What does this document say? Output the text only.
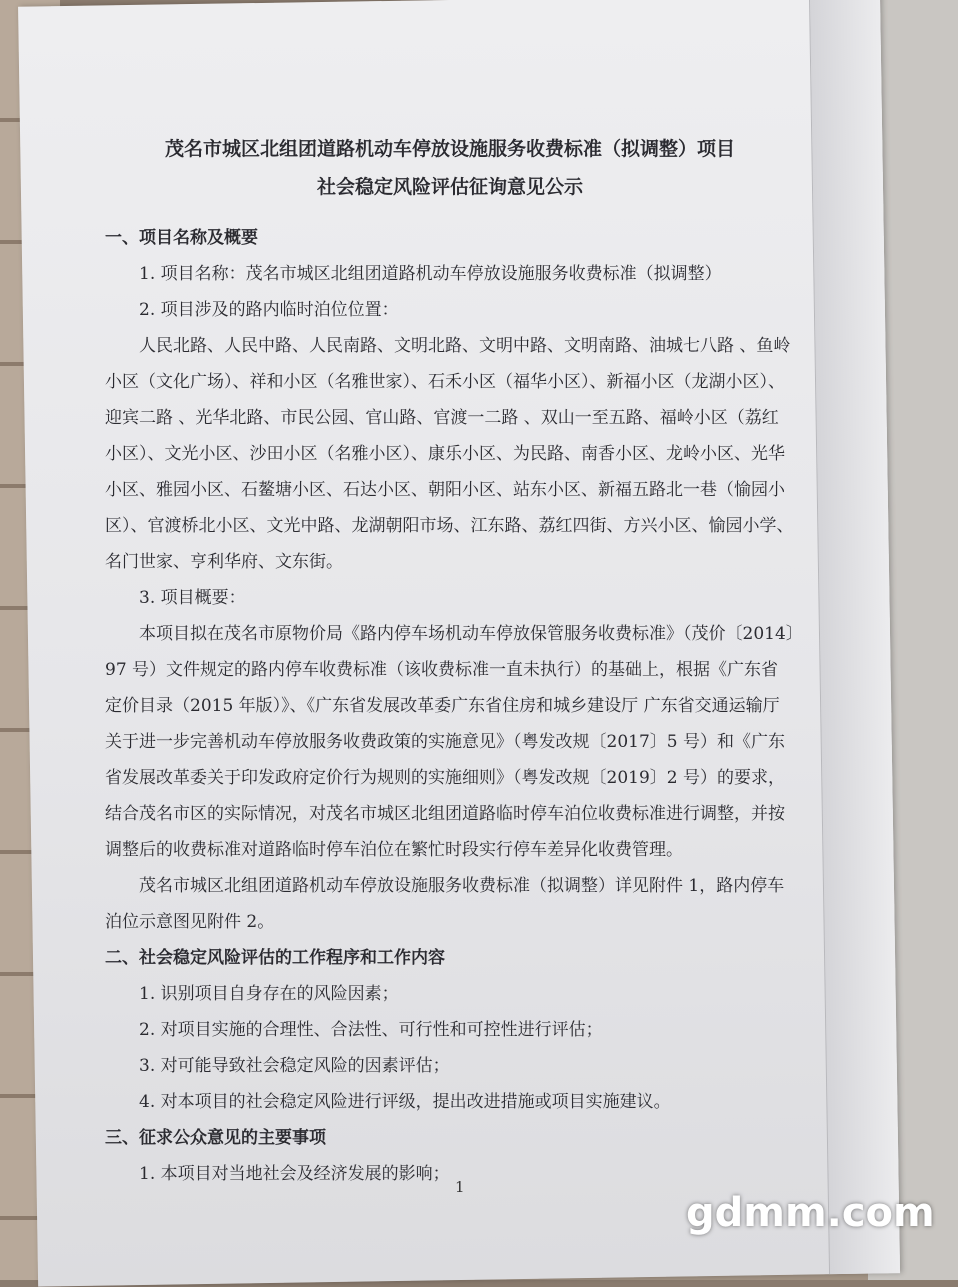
茂名市城区北组团道路机动车停放设施服务收费标准（拟调整）项目

社会稳定风险评估征询意见公示

一、项目名称及概要

1. 项目名称：茂名市城区北组团道路机动车停放设施服务收费标准（拟调整）

2. 项目涉及的路内临时泊位位置：

人民北路、人民中路、人民南路、文明北路、文明中路、文明南路、油城七八路 、鱼岭小区（文化广场）、祥和小区（名雅世家）、石禾小区（福华小区）、新福小区（龙湖小区）、迎宾二路 、光华北路、市民公园、官山路、官渡一二路 、双山一至五路、福岭小区（荔红小区）、文光小区、沙田小区（名雅小区）、康乐小区、为民路、南香小区、龙岭小区、光华小区、雅园小区、石鳌塘小区、石达小区、朝阳小区、站东小区、新福五路北一巷（愉园小区）、官渡桥北小区、文光中路、龙湖朝阳市场、江东路、荔红四街、方兴小区、愉园小学、名门世家、亨利华府、文东街。

3. 项目概要：

本项目拟在茂名市原物价局《路内停车场机动车停放保管服务收费标准》（茂价〔2014〕97 号）文件规定的路内停车收费标准（该收费标准一直未执行）的基础上，根据《广东省定价目录（2015 年版）》、《广东省发展改革委广东省住房和城乡建设厅 广东省交通运输厅关于进一步完善机动车停放服务收费政策的实施意见》（粤发改规〔2017〕5 号）和《广东省发展改革委关于印发政府定价行为规则的实施细则》（粤发改规〔2019〕2 号）的要求，结合茂名市区的实际情况，对茂名市城区北组团道路临时停车泊位收费标准进行调整，并按调整后的收费标准对道路临时停车泊位在繁忙时段实行停车差异化收费管理。

茂名市城区北组团道路机动车停放设施服务收费标准（拟调整）详见附件 1，路内停车泊位示意图见附件 2。

二、社会稳定风险评估的工作程序和工作内容

1. 识别项目自身存在的风险因素；

2. 对项目实施的合理性、合法性、可行性和可控性进行评估；

3. 对可能导致社会稳定风险的因素评估；

4. 对本项目的社会稳定风险进行评级，提出改进措施或项目实施建议。

三、征求公众意见的主要事项

1. 本项目对当地社会及经济发展的影响；

1
gdmm.com
